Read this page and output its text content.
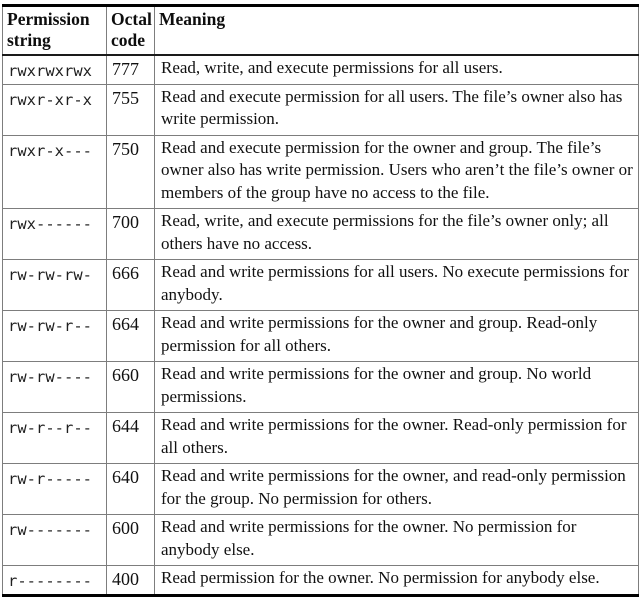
Permission string	Octal code	Meaning
rwxrwxrwx	777	Read, write, and execute permissions for all users.
rwxr-xr-x	755	Read and execute permission for all users. The file’s owner also has write permission.
rwxr-x---	750	Read and execute permission for the owner and group. The file’s owner also has write permission. Users who aren’t the file’s owner or members of the group have no access to the file.
rwx------	700	Read, write, and execute permissions for the file’s owner only; all others have no access.
rw-rw-rw-	666	Read and write permissions for all users. No execute permissions for anybody.
rw-rw-r--	664	Read and write permissions for the owner and group. Read-only permission for all others.
rw-rw----	660	Read and write permissions for the owner and group. No world permissions.
rw-r--r--	644	Read and write permissions for the owner. Read-only permission for all others.
rw-r-----	640	Read and write permissions for the owner, and read-only permission for the group. No permission for others.
rw-------	600	Read and write permissions for the owner. No permission for anybody else.
r--------	400	Read permission for the owner. No permission for anybody else.
